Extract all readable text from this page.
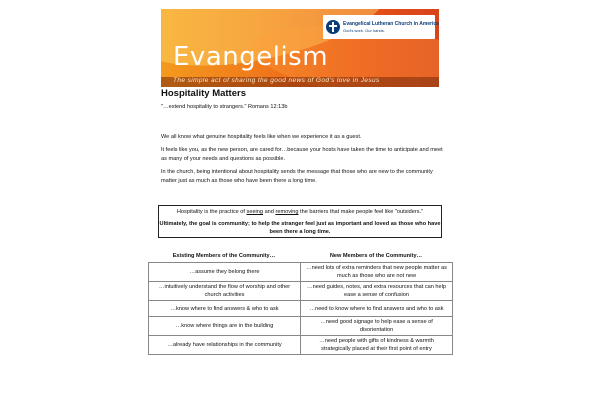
Evangelical Lutheran Church in America
God's work. Our hands.
Evangelism
The simple act of sharing the good news of God's love in Jesus
Hospitality Matters
"…extend hospitality to strangers." Romans 12:13b
We all know what genuine hospitality feels like when we experience it as a guest.
It feels like you, as the new person, are cared for…because your hosts have taken the time to anticipate and meet as many of your needs and questions as possible.
In the church, being intentional about hospitality sends the message that those who are new to the community matter just as much as those who have been there a long time.
Hospitality is the practice of seeing and removing the barriers that make people feel like "outsiders."
Ultimately, the goal is community; to help the stranger feel just as important and loved as those who have been there a long time.
Existing Members of the Community…	New Members of the Community…
…assume they belong there	…need lots of extra reminders that new people matter as much as those who are not new
…intuitively understand the flow of worship and other church activities	…need guides, notes, and extra resources that can help ease a sense of confusion
…know where to find answers & who to ask	…need to know where to find answers and who to ask
…know where things are in the building	…need good signage to help ease a sense of disorientation
…already have relationships in the community	…need people with gifts of kindness & warmth strategically placed at their first point of entry
